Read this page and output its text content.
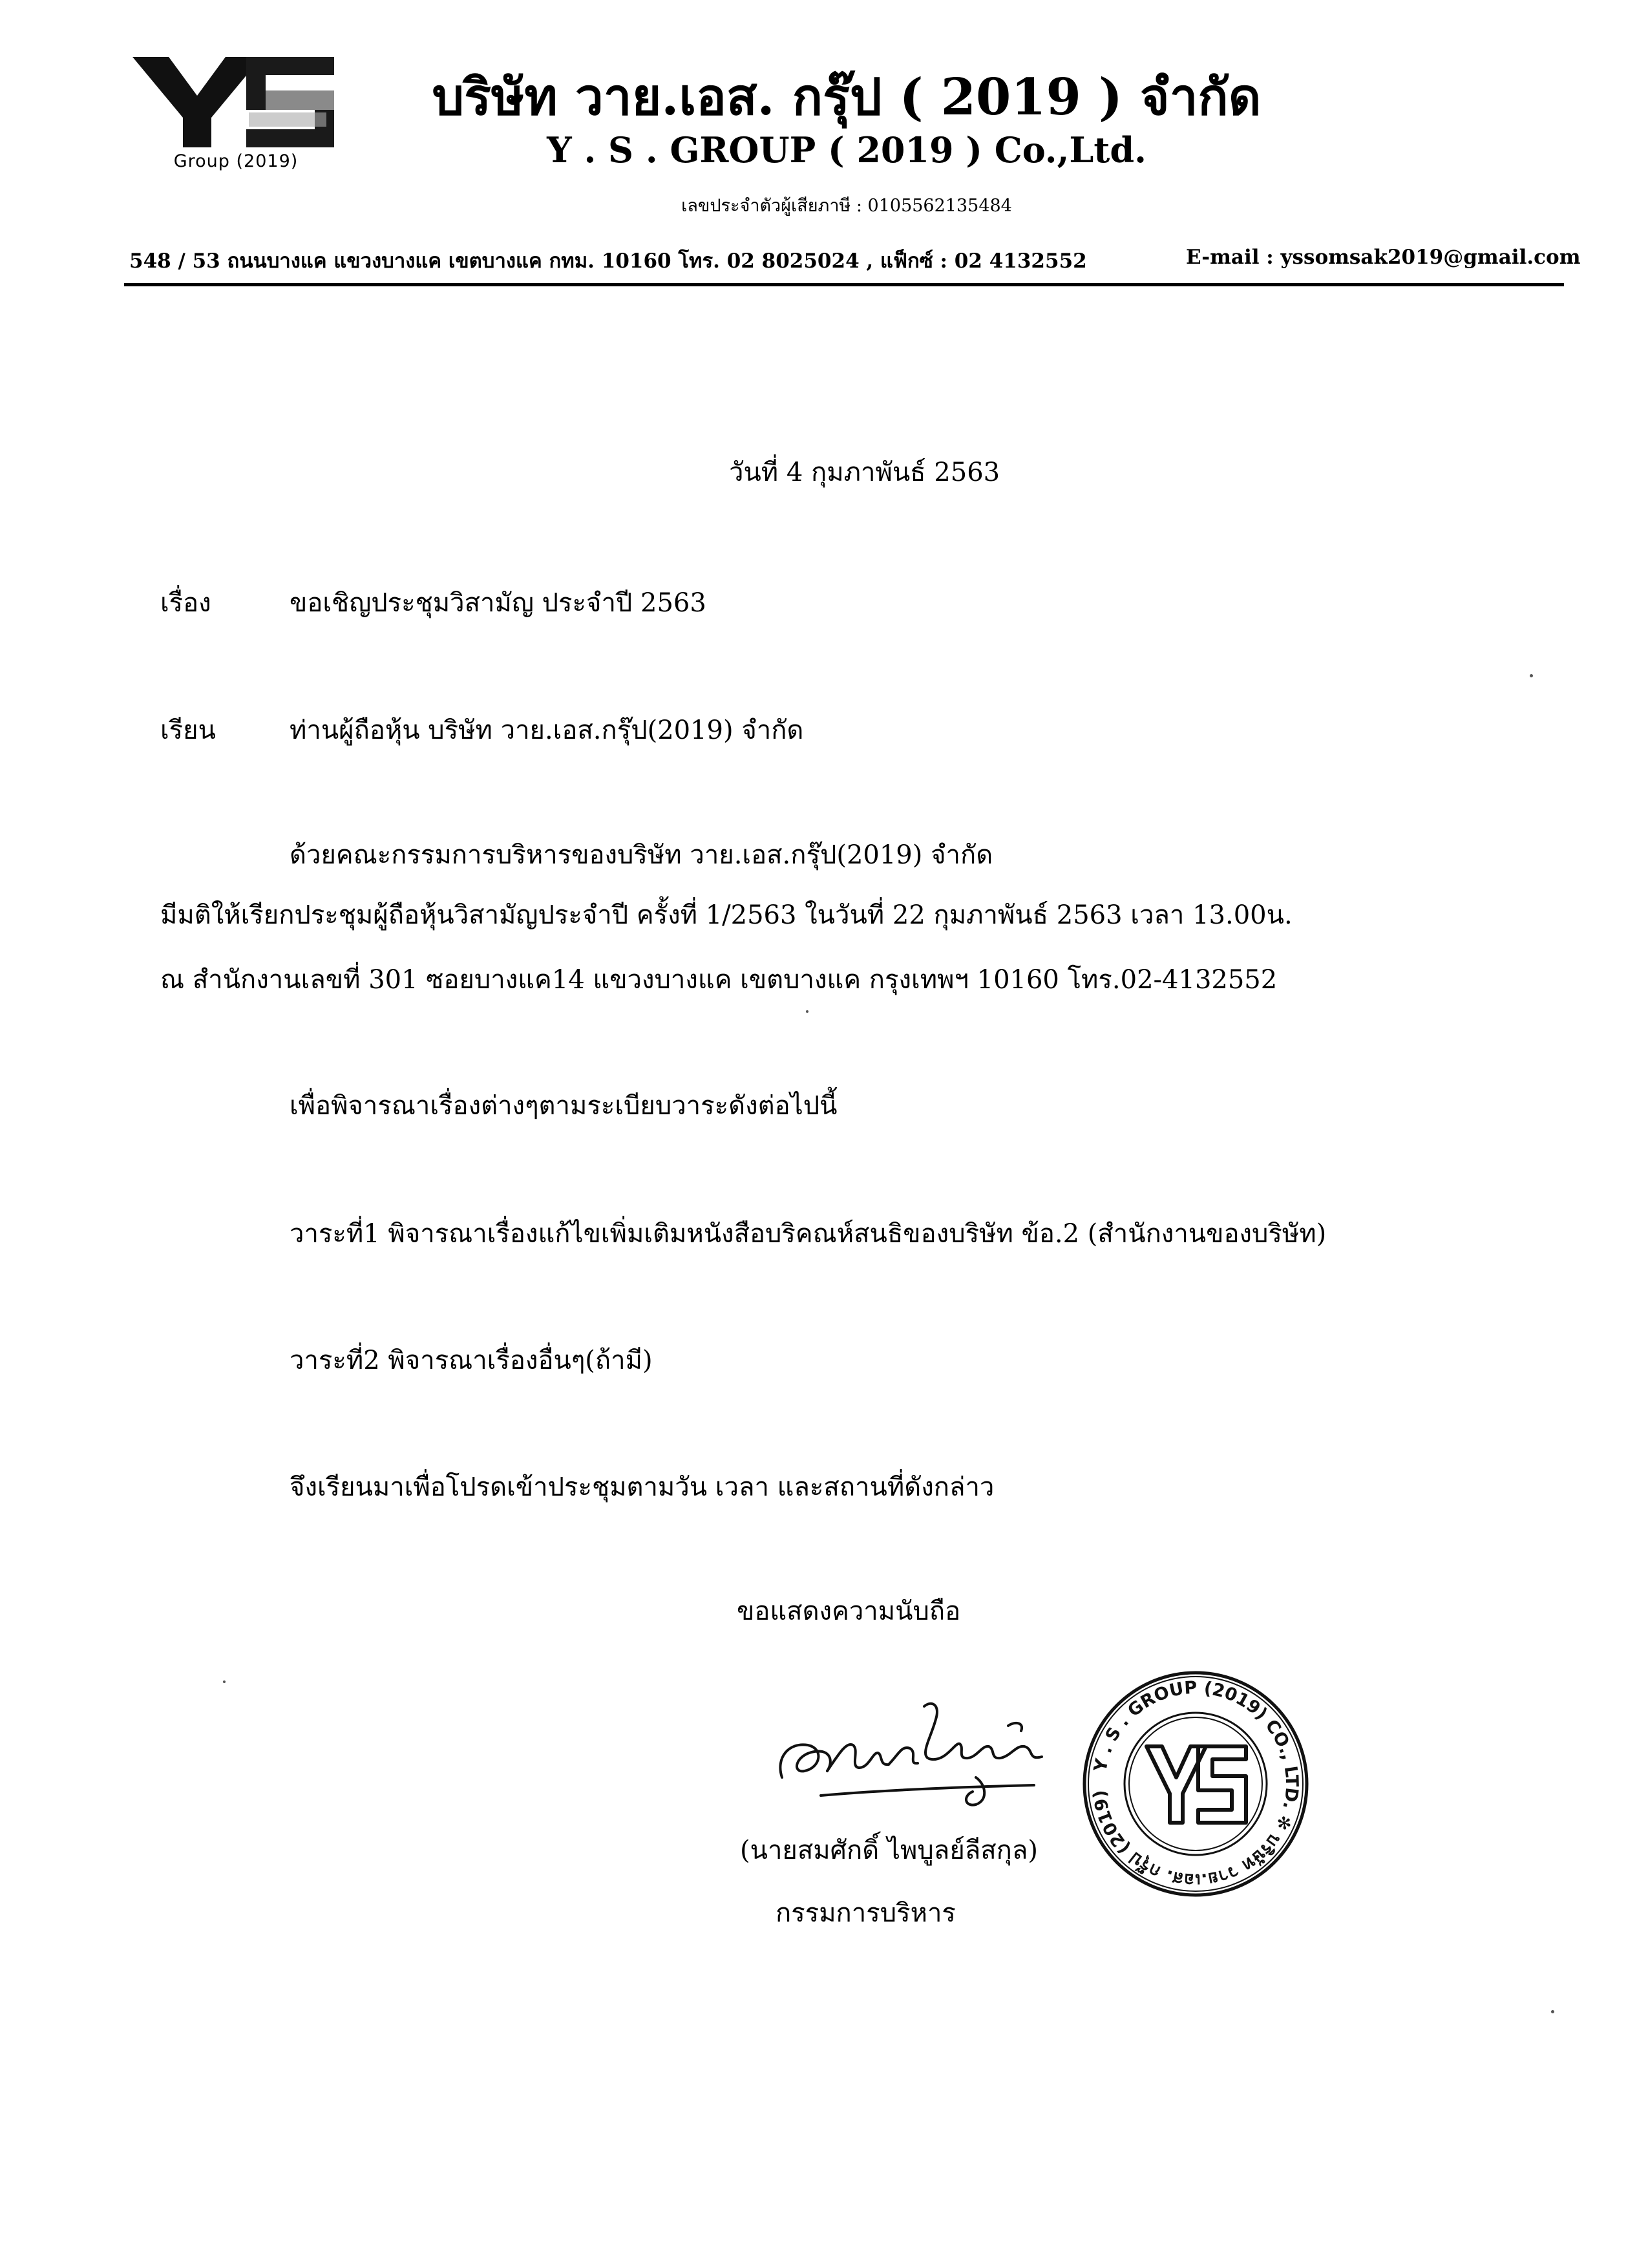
Group (2019)
บริษัท วาย.เอส. กรุ๊ป ( 2019 ) จำกัด
Y . S . GROUP ( 2019 ) Co.,Ltd.
เลขประจำตัวผู้เสียภาษี : 0105562135484
548 / 53 ถนนบางแค แขวงบางแค เขตบางแค กทม. 10160 โทร. 02 8025024 , แฟ็กซ์ : 02 4132552	E-mail : yssomsak2019@gmail.com
วันที่ 4 กุมภาพันธ์ 2563
เรื่อง	ขอเชิญประชุมวิสามัญ ประจำปี 2563
เรียน	ท่านผู้ถือหุ้น บริษัท วาย.เอส.กรุ๊ป(2019) จำกัด
ด้วยคณะกรรมการบริหารของบริษัท วาย.เอส.กรุ๊ป(2019) จำกัด
มีมติให้เรียกประชุมผู้ถือหุ้นวิสามัญประจำปี ครั้งที่ 1/2563 ในวันที่ 22 กุมภาพันธ์ 2563 เวลา 13.00น.
ณ สำนักงานเลขที่ 301 ซอยบางแค14 แขวงบางแค เขตบางแค กรุงเทพฯ 10160 โทร.02-4132552
เพื่อพิจารณาเรื่องต่างๆตามระเบียบวาระดังต่อไปนี้
วาระที่1 พิจารณาเรื่องแก้ไขเพิ่มเติมหนังสือบริคณห์สนธิของบริษัท ข้อ.2 (สำนักงานของบริษัท)
วาระที่2 พิจารณาเรื่องอื่นๆ(ถ้ามี)
จึงเรียนมาเพื่อโปรดเข้าประชุมตามวัน เวลา และสถานที่ดังกล่าว
ขอแสดงความนับถือ
(นายสมศักดิ์ ไพบูลย์ลีสกุล)
กรรมการบริหาร
Y . S . GROUP (2019) CO., LTD. ✻ บริษัท วาย.เอส. กรุ๊ป (2019)
